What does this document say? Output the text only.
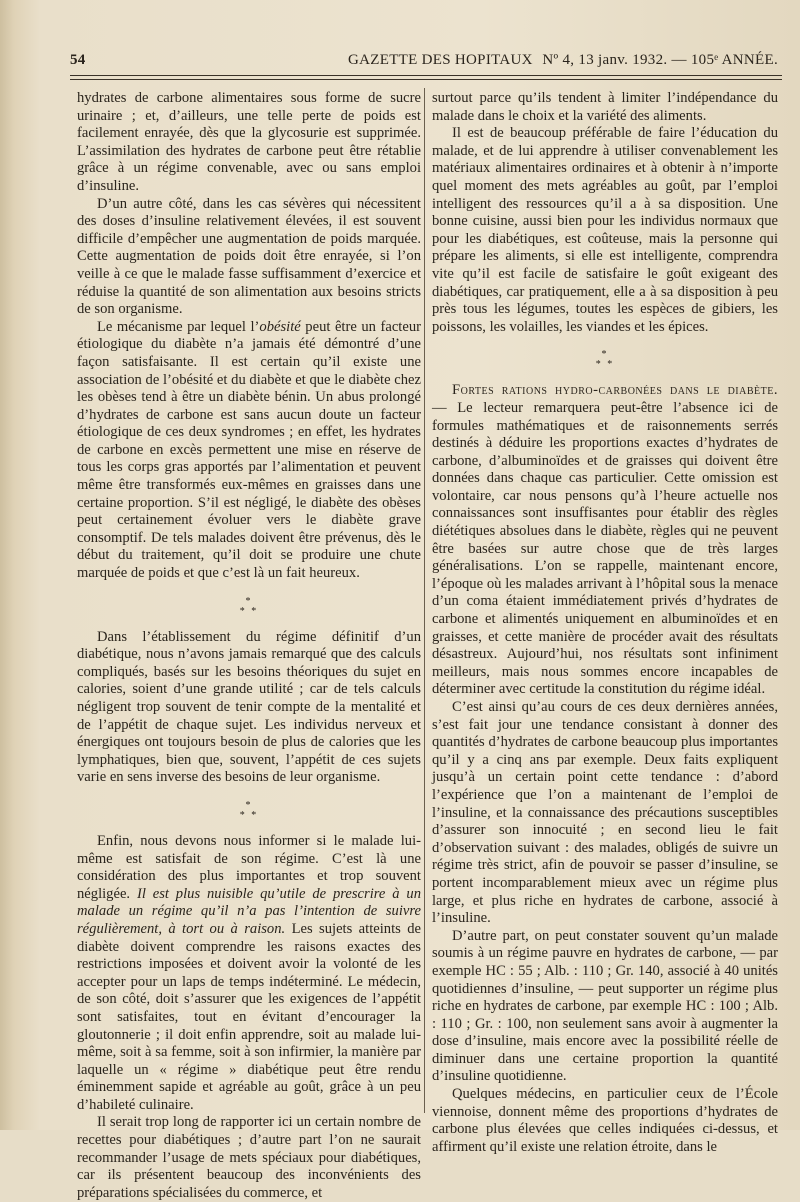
54	GAZETTE DES HOPITAUX Nº 4, 13 janv. 1932. — 105ᵉ ANNÉE.

hydrates de carbone alimentaires sous forme de sucre urinaire ; et, d’ailleurs, une telle perte de poids est facilement enrayée, dès que la glycosurie est supprimée. L’assimilation des hydrates de carbone peut être rétablie grâce à un régime convenable, avec ou sans emploi d’insuline.

D’un autre côté, dans les cas sévères qui nécessitent des doses d’insuline relativement élevées, il est souvent difficile d’empêcher une augmentation de poids marquée. Cette augmentation de poids doit être enrayée, si l’on veille à ce que le malade fasse suffisamment d’exercice et réduise la quantité de son alimentation aux besoins stricts de son organisme.

Le mécanisme par lequel l’obésité peut être un facteur étiologique du diabète n’a jamais été démontré d’une façon satisfaisante. Il est certain qu’il existe une association de l’obésité et du diabète et que le diabète chez les obèses tend à être un diabète bénin. Un abus prolongé d’hydrates de carbone est sans aucun doute un facteur étiologique de ces deux syndromes ; en effet, les hydrates de carbone en excès permettent une mise en réserve de tous les corps gras apportés par l’alimentation et peuvent même être transformés eux-mêmes en graisses dans une certaine proportion. S’il est négligé, le diabète des obèses peut certainement évoluer vers le diabète grave consomptif. De tels malades doivent être prévenus, dès le début du traitement, qu’il doit se produire une chute marquée de poids et que c’est là un fait heureux.

*
* *

Dans l’établissement du régime définitif d’un diabétique, nous n’avons jamais remarqué que des calculs compliqués, basés sur les besoins théoriques du sujet en calories, soient d’une grande utilité ; car de tels calculs négligent trop souvent de tenir compte de la mentalité et de l’appétit de chaque sujet. Les individus nerveux et énergiques ont toujours besoin de plus de calories que les lymphatiques, bien que, souvent, l’appétit de ces sujets varie en sens inverse des besoins de leur organisme.

*
* *

Enfin, nous devons nous informer si le malade lui-même est satisfait de son régime. C’est là une considération des plus importantes et trop souvent négligée. Il est plus nuisible qu’utile de prescrire à un malade un régime qu’il n’a pas l’intention de suivre régulièrement, à tort ou à raison. Les sujets atteints de diabète doivent comprendre les raisons exactes des restrictions imposées et doivent avoir la volonté de les accepter pour un laps de temps indéterminé. Le médecin, de son côté, doit s’assurer que les exigences de l’appétit sont satisfaites, tout en évitant d’encourager la gloutonnerie ; il doit enfin apprendre, soit au malade lui-même, soit à sa femme, soit à son infirmier, la manière par laquelle un « régime » diabétique peut être rendu éminemment sapide et agréable au goût, grâce à un peu d’habileté culinaire.

Il serait trop long de rapporter ici un certain nombre de recettes pour diabétiques ; d’autre part l’on ne saurait recommander l’usage de mets spéciaux pour diabétiques, car ils présentent beaucoup des inconvénients des préparations spécialisées du commerce, et

surtout parce qu’ils tendent à limiter l’indépendance du malade dans le choix et la variété des aliments.

Il est de beaucoup préférable de faire l’éducation du malade, et de lui apprendre à utiliser convenablement les matériaux alimentaires ordinaires et à obtenir à n’importe quel moment des mets agréables au goût, par l’emploi intelligent des ressources qu’il a à sa disposition. Une bonne cuisine, aussi bien pour les individus normaux que pour les diabétiques, est coûteuse, mais la personne qui prépare les aliments, si elle est intelligente, comprendra vite qu’il est facile de satisfaire le goût exigeant des diabétiques, car pratiquement, elle a à sa disposition à peu près tous les légumes, toutes les espèces de gibiers, les poissons, les volailles, les viandes et les épices.

*
* *

Fortes rations hydro-carbonées dans le diabète. — Le lecteur remarquera peut-être l’absence ici de formules mathématiques et de raisonnements serrés destinés à déduire les proportions exactes d’hydrates de carbone, d’albuminoïdes et de graisses qui doivent être données dans chaque cas particulier. Cette omission est volontaire, car nous pensons qu’à l’heure actuelle nos connaissances sont insuffisantes pour établir des règles diététiques absolues dans le diabète, règles qui ne peuvent être basées sur autre chose que de très larges généralisations. L’on se rappelle, maintenant encore, l’époque où les malades arrivant à l’hôpital sous la menace d’un coma étaient immédiatement privés d’hydrates de carbone et alimentés uniquement en albuminoïdes et en graisses, et cette manière de procéder avait des résultats désastreux. Aujourd’hui, nos résultats sont infiniment meilleurs, mais nous sommes encore incapables de déterminer avec certitude la constitution du régime idéal.

C’est ainsi qu’au cours de ces deux dernières années, s’est fait jour une tendance consistant à donner des quantités d’hydrates de carbone beaucoup plus importantes qu’il y a cinq ans par exemple. Deux faits expliquent jusqu’à un certain point cette tendance : d’abord l’expérience que l’on a maintenant de l’emploi de l’insuline, et la connaissance des précautions susceptibles d’assurer son innocuité ; en second lieu le fait d’observation suivant : des malades, obligés de suivre un régime très strict, afin de pouvoir se passer d’insuline, se portent incomparablement mieux avec un régime plus large, et plus riche en hydrates de carbone, associé à l’insuline.

D’autre part, on peut constater souvent qu’un malade soumis à un régime pauvre en hydrates de carbone, — par exemple HC : 55 ; Alb. : 110 ; Gr. 140, associé à 40 unités quotidiennes d’insuline, — peut supporter un régime plus riche en hydrates de carbone, par exemple HC : 100 ; Alb. : 110 ; Gr. : 100, non seulement sans avoir à augmenter la dose d’insuline, mais encore avec la possibilité réelle de diminuer dans une certaine proportion la quantité d’insuline quotidienne.

Quelques médecins, en particulier ceux de l’École viennoise, donnent même des proportions d’hydrates de carbone plus élevées que celles indiquées ci-dessus, et affirment qu’il existe une relation étroite, dans le
